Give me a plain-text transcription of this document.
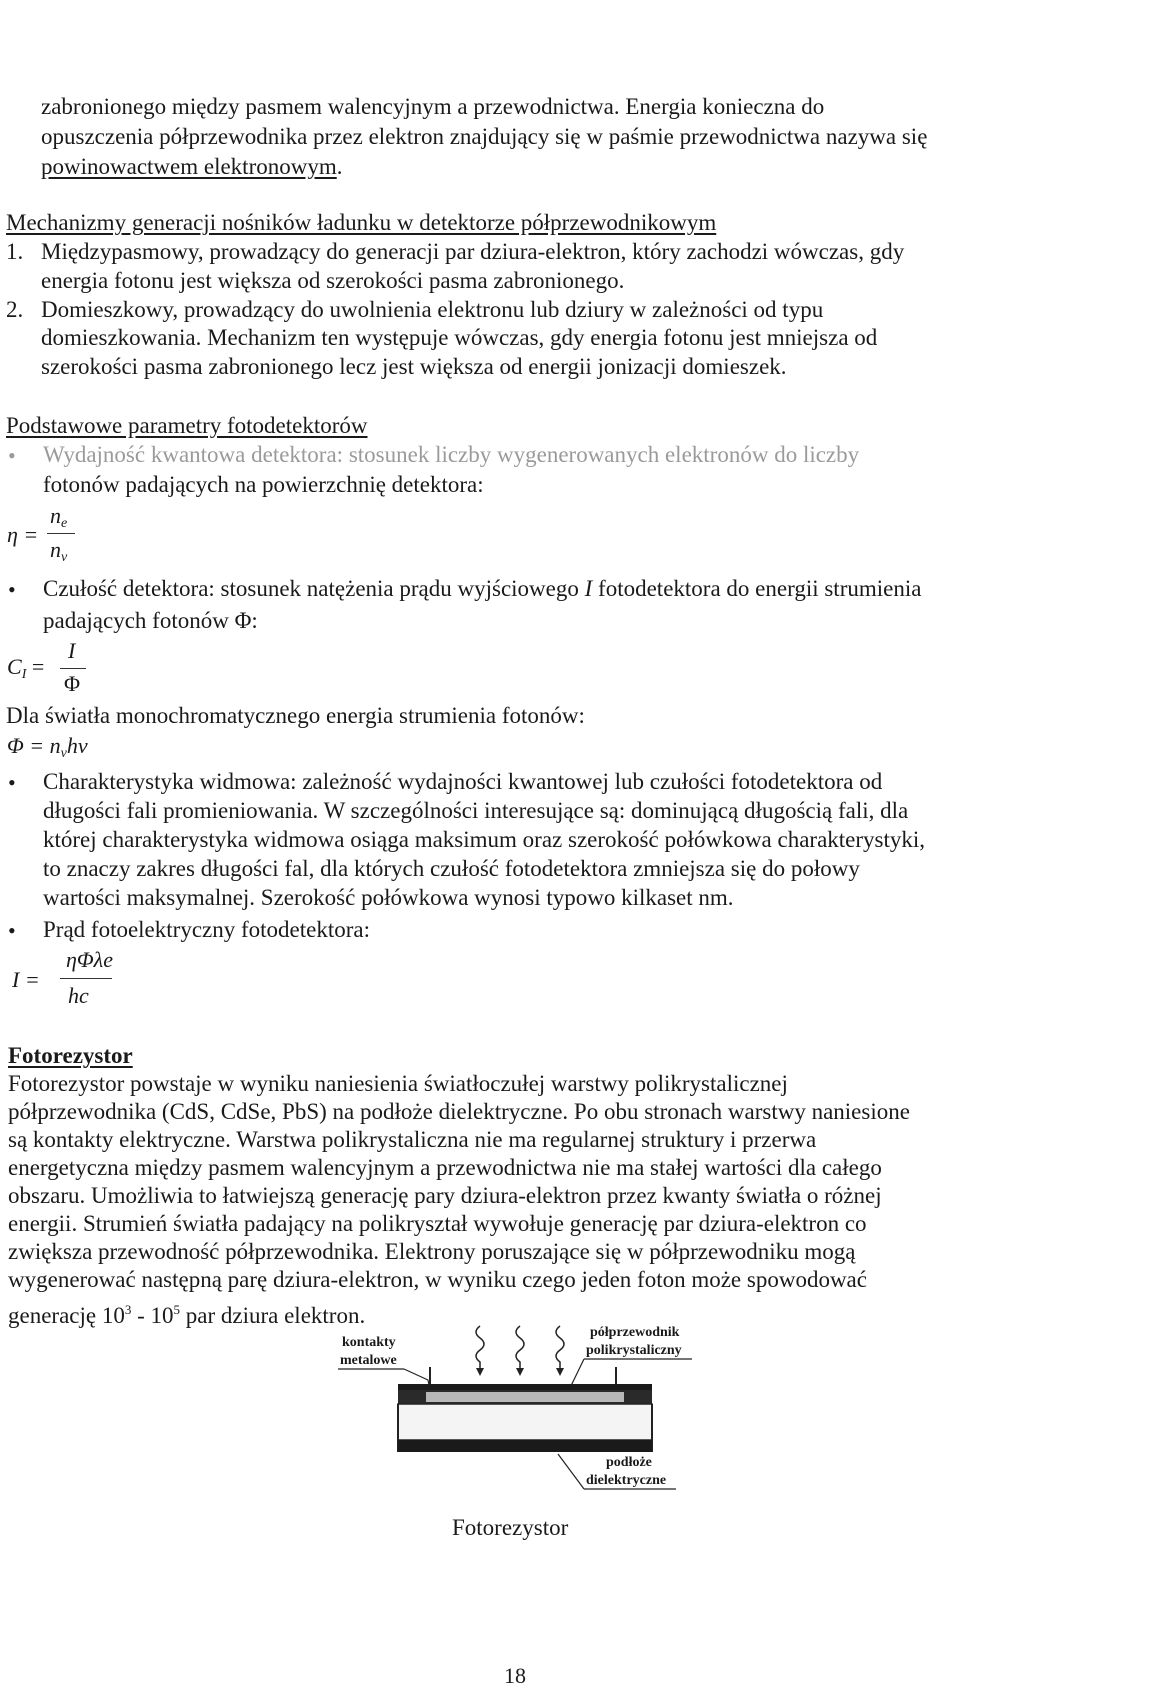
zabronionego między pasmem walencyjnym a przewodnictwa. Energia konieczna do
opuszczenia półprzewodnika przez elektron znajdujący się w paśmie przewodnictwa nazywa się
powinowactwem elektronowym.
Mechanizmy generacji nośników ładunku w detektorze półprzewodnikowym
1. Międzypasmowy, prowadzący do generacji par dziura-elektron, który zachodzi wówczas, gdy
energia fotonu jest większa od szerokości pasma zabronionego.
2. Domieszkowy, prowadzący do uwolnienia elektronu lub dziury w zależności od typu
domieszkowania. Mechanizm ten występuje wówczas, gdy energia fotonu jest mniejsza od
szerokości pasma zabronionego lecz jest większa od energii jonizacji domieszek.
Podstawowe parametry fotodetektorów
• Wydajność kwantowa detektora: stosunek liczby wygenerowanych elektronów do liczby
fotonów padających na powierzchnię detektora:
η =
$n_e$
$n_\nu$
• Czułość detektora: stosunek natężenia prądu wyjściowego I fotodetektora do energii strumienia
padających fotonów Φ:
$C_I$ =
I
Φ
Dla światła monochromatycznego energia strumienia fotonów:
$\Phi = n_\nu h\nu$
• Charakterystyka widmowa: zależność wydajności kwantowej lub czułości fotodetektora od
długości fali promieniowania. W szczególności interesujące są: dominującą długością fali, dla
której charakterystyka widmowa osiąga maksimum oraz szerokość połówkowa charakterystyki,
to znaczy zakres długości fal, dla których czułość fotodetektora zmniejsza się do połowy
wartości maksymalnej. Szerokość połówkowa wynosi typowo kilkaset nm.
• Prąd fotoelektryczny fotodetektora:
I =
ηΦλe
hc
Fotorezystor
Fotorezystor powstaje w wyniku naniesienia światłoczułej warstwy polikrystalicznej
półprzewodnika (CdS, CdSe, PbS) na podłoże dielektryczne. Po obu stronach warstwy naniesione
są kontakty elektryczne. Warstwa polikrystaliczna nie ma regularnej struktury i przerwa
energetyczna między pasmem walencyjnym a przewodnictwa nie ma stałej wartości dla całego
obszaru. Umożliwia to łatwiejszą generację pary dziura-elektron przez kwanty światła o różnej
energii. Strumień światła padający na polikryształ wywołuje generację par dziura-elektron co
zwiększa przewodność półprzewodnika. Elektrony poruszające się w półprzewodniku mogą
wygenerować następną parę dziura-elektron, w wyniku czego jeden foton może spowodować
generację $10^3 - 10^5$ par dziura elektron.
kontakty
metalowe
półprzewodnik
polikrystaliczny
podłoże
dielektryczne
Fotorezystor
18
